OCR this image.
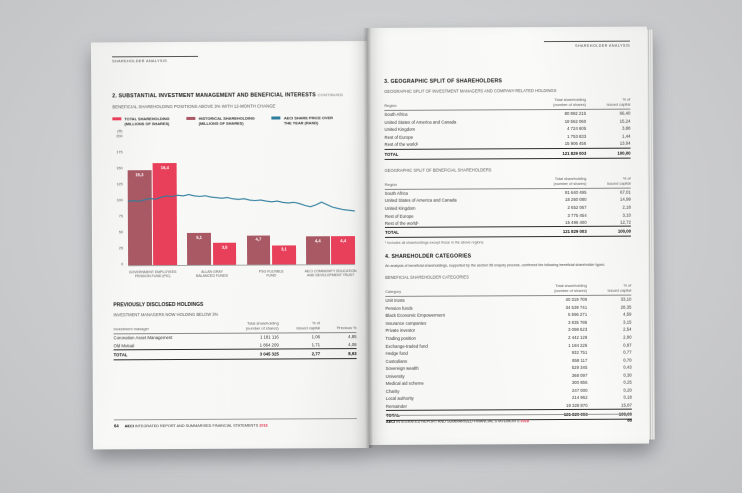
SHAREHOLDER ANALYSIS
2. SUBSTANTIAL INVESTMENT MANAGEMENT AND BENEFICIAL INTERESTS CONTINUED
BENEFICIAL SHAREHOLDING POSITIONS ABOVE 3% WITH 12-MONTH CHANGE
TOTAL SHAREHOLDING
(MILLIONS OF SHARES)
HISTORICAL SHAREHOLDING
(MILLIONS OF SHARES)
AECI SHARE PRICE OVER
THE YEAR (RAND)
(R)
200
175
150
125
100
75
50
25
0
15,3
16,4
5,1
3,5
4,7
3,1
4,4	4,4
GOVERNMENT EMPLOYEES
PENSION FUND (PIC)
ALLAN GRAY
BALANCED FUNDS
PSG FLEXIBLE
FUND
AECI COMMUNITY EDUCATION
AND DEVELOPMENT TRUST
PREVIOUSLY DISCLOSED HOLDINGS
INVESTMENT MANAGERS NOW HOLDING BELOW 3%
Investment manager	Total shareholding
(number of shares)	% of
issued capital	Previous %
Coronation Asset Management	1 181 116	1,06	4,85
Old Mutual	1 864 209	1,71	4,08
TOTAL	3 045 325	2,77	8,93
64 AECI INTEGRATED REPORT AND SUMMARISED FINANCIAL STATEMENTS 2018
SHAREHOLDER ANALYSIS
3. GEOGRAPHIC SPLIT OF SHAREHOLDERS
GEOGRAPHIC SPLIT OF INVESTMENT MANAGERS AND COMPANY-RELATED HOLDINGS
Region	Total shareholding
(number of shares)	% of
issued capital
South Africa	80 892 215	66,40
United States of America and Canada	18 562 060	15,24
United Kingdom	4 724 605	3,88
Rest of Europe	1 753 833	1,44
Rest of the world¹	15 906 456	13,04
TOTAL	121 829 003	100,00
GEOGRAPHIC SPLIT OF BENEFICIAL SHAREHOLDERS
Region	Total shareholding
(number of shares)	% of
issued capital
South Africa	81 640 495	67,01
United States of America and Canada	18 260 080	14,99
United Kingdom	2 652 067	2,18
Rest of Europe	3 775 454	3,10
Rest of the world¹	15 496 400	12,72
TOTAL	121 829 003	100,00
¹ Includes all shareholdings except those in the above regions.
4. SHAREHOLDER CATEGORIES
An analysis of beneficial shareholdings, supported by the section 56 enquiry process, confirmed the following beneficial shareholder types:
BENEFICIAL SHAREHOLDER CATEGORIES
Category	Total shareholding
(number of shares)	% of
issued capital
Unit trusts	40 319 709	33,10
Pension funds	34 539 741	28,35
Black Economic Empowerment	5 596 271	4,59
Insurance companies	3 835 786	3,15
Private investor	3 098 623	2,54
Trading position	2 442 129	2,00
Exchange-traded fund	1 184 226	0,97
Hedge fund	932 751	0,77
Custodians	858 117	0,70
Sovereign wealth	529 345	0,43
University	368 097	0,30
Medical aid scheme	300 856	0,25
Charity	247 000	0,20
Local authority	214 962	0,18
Remainder	19 328 870	15,87
TOTAL	121 829 003	100,00
AECI INTEGRATED REPORT AND SUMMARISED FINANCIAL STATEMENTS 2018	65
